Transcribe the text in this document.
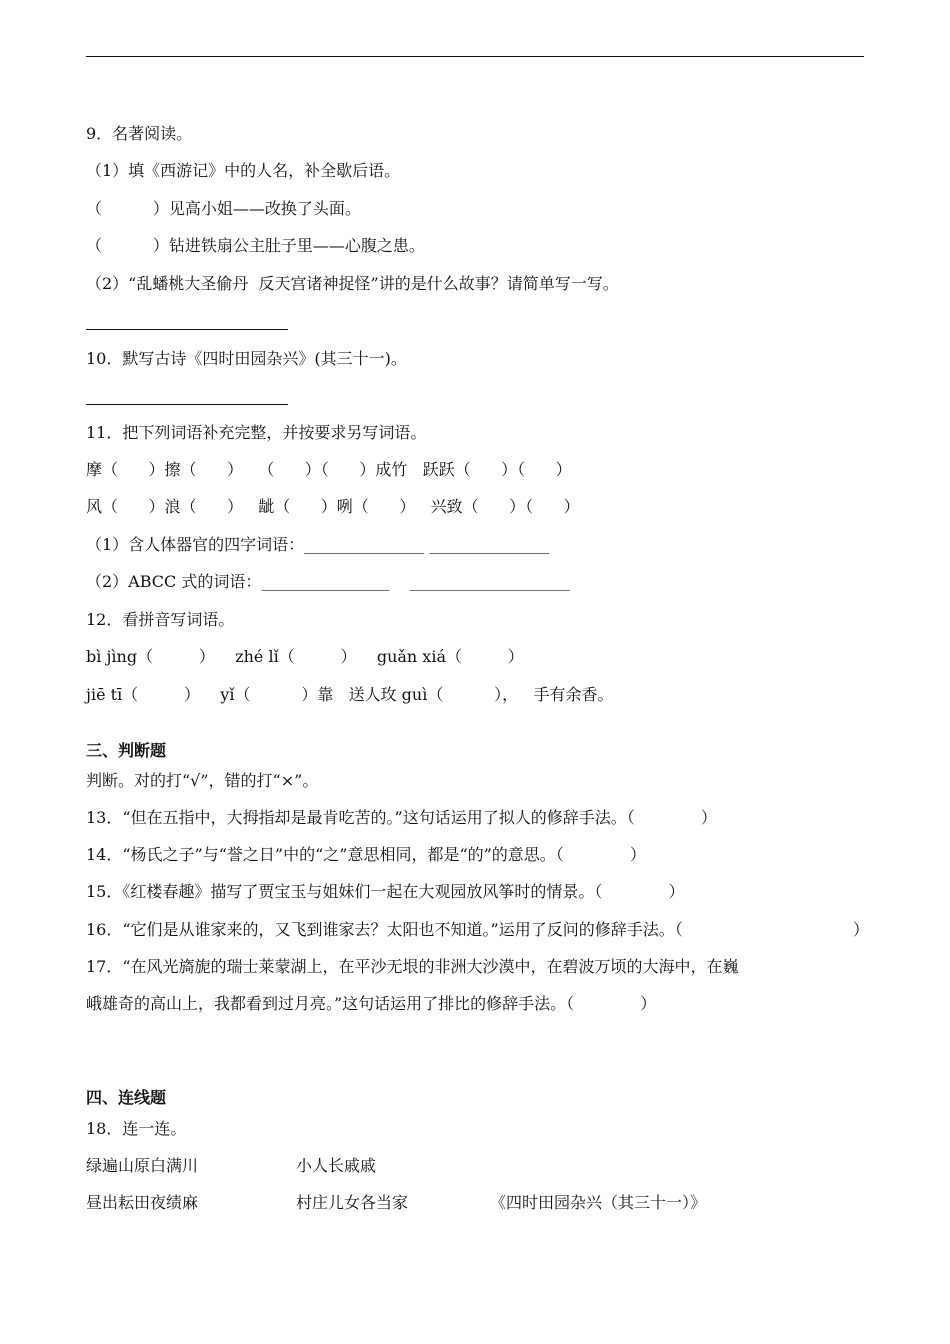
9．名著阅读。
（1）填《西游记》中的人名，补全歇后语。
（          ）见高小姐——改换了头面。
（          ）钻进铁扇公主肚子里——心腹之患。
（2）“乱蟠桃大圣偷丹  反天宫诸神捉怪”讲的是什么故事？请简单写一写。
10．默写古诗《四时田园杂兴》(其三十一)。
11．把下列词语补充完整，并按要求另写词语。
摩（      ）擦（      ）   （      ）（      ）成竹   跃跃（      ）（      ）
风（      ）浪（      ）   龇（      ）咧（      ）   兴致（      ）（      ）
（1）含人体器官的四字词语：_______________ _______________
（2）ABCC 式的词语：________________    ____________________
12．看拼音写词语。
bì jìng（         ）    zhé lǐ（         ）    guǎn xiá（         ）
jiē tī（         ）    yǐ（          ）靠   送人玫 guì（          ），   手有余香。
三、判断题
判断。对的打“√”，错的打“×”。
13．“但在五指中，大拇指却是最肯吃苦的。”这句话运用了拟人的修辞手法。（             ）
14．“杨氏之子”与“誉之日”中的“之”意思相同，都是“的”的意思。（             ）
15．《红楼春趣》描写了贾宝玉与姐妹们一起在大观园放风筝时的情景。（             ）
16．“它们是从谁家来的，又飞到谁家去？太阳也不知道。”运用了反问的修辞手法。（	）
17．“在风光旖旎的瑞士莱蒙湖上，在平沙无垠的非洲大沙漠中，在碧波万顷的大海中，在巍
峨雄奇的高山上，我都看到过月亮。”这句话运用了排比的修辞手法。（             ）
四、连线题
18．连一连。
绿遍山原白满川	小人长戚戚
昼出耘田夜绩麻	村庄儿女各当家	《四时田园杂兴（其三十一）》
